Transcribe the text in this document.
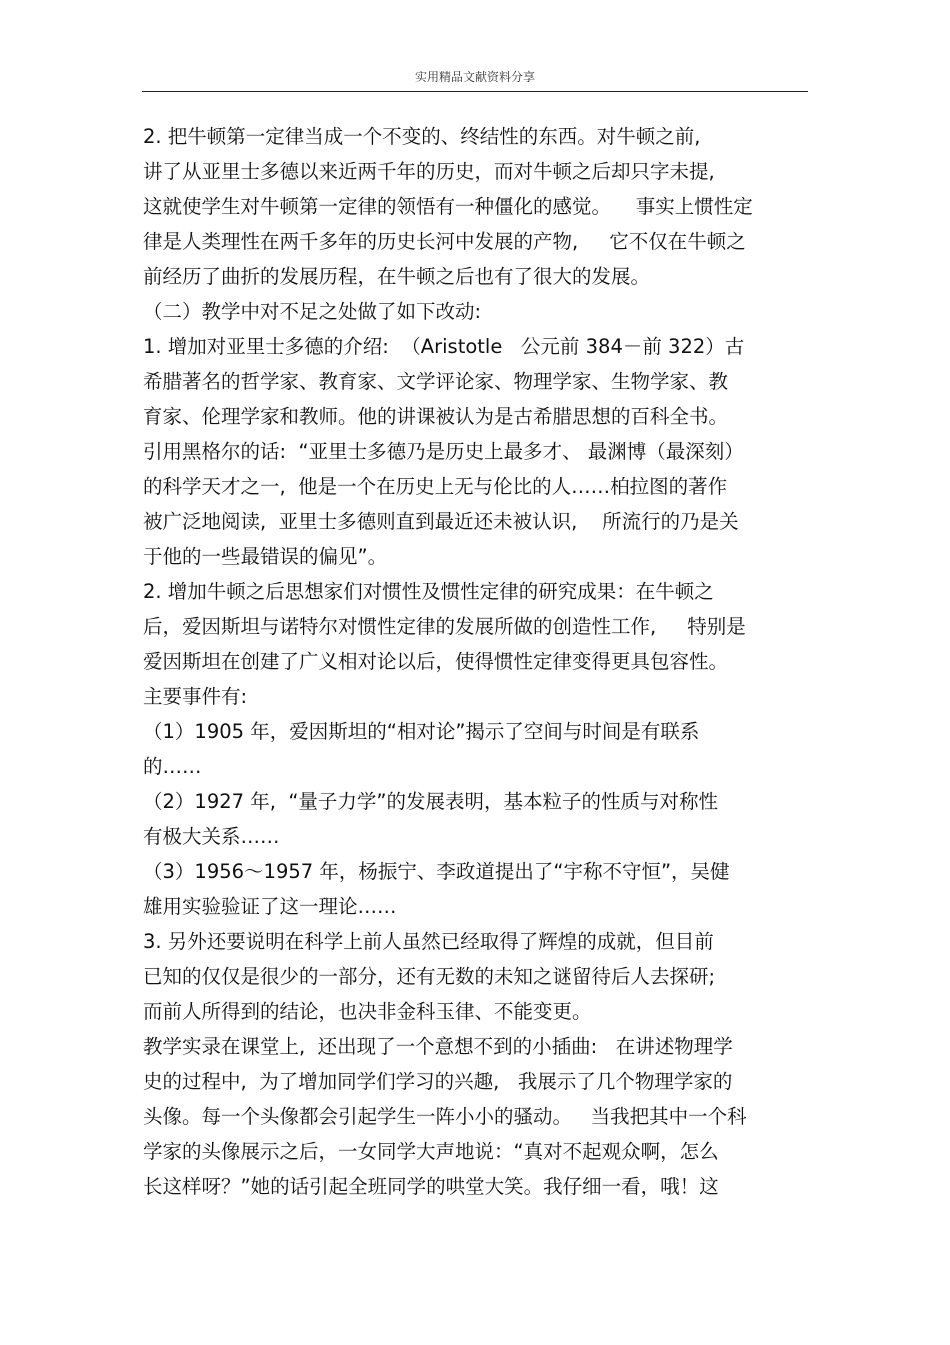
实用精品文献资料分享
2. 把牛顿第一定律当成一个不变的、终结性的东西。对牛顿之前,
讲了从亚里士多德以来近两千年的历史，而对牛顿之后却只字未提,
这就使学生对牛顿第一定律的领悟有一种僵化的感觉。    事实上惯性定
律是人类理性在两千多年的历史长河中发展的产物,     它不仅在牛顿之
前经历了曲折的发展历程，在牛顿之后也有了很大的发展。
（二）教学中对不足之处做了如下改动:
1. 增加对亚里士多德的介绍:  （Aristotle   公元前 384－前 322）古
希腊著名的哲学家、教育家、文学评论家、物理学家、生物学家、教
育家、伦理学家和教师。他的讲课被认为是古希腊思想的百科全书。
引用黑格尔的话:  “亚里士多德乃是历史上最多才、 最渊博（最深刻）
的科学天才之一,  他是一个在历史上无与伦比的人……柏拉图的著作
被广泛地阅读,  亚里士多德则直到最近还未被认识,    所流行的乃是关
于他的一些最错误的偏见”。
2. 增加牛顿之后思想家们对惯性及惯性定律的研究成果：在牛顿之
后，爱因斯坦与诺特尔对惯性定律的发展所做的创造性工作,     特别是
爱因斯坦在创建了广义相对论以后，使得惯性定律变得更具包容性。
主要事件有:
（1）1905 年，爱因斯坦的“相对论”揭示了空间与时间是有联系
的……
（2）1927 年,  “量子力学”的发展表明，基本粒子的性质与对称性
有极大关系……
（3）1956～1957 年，杨振宁、李政道提出了“宇称不守恒”，吴健
雄用实验验证了这一理论……
3. 另外还要说明在科学上前人虽然已经取得了辉煌的成就，但目前
已知的仅仅是很少的一部分，还有无数的未知之谜留待后人去探研;
而前人所得到的结论，也决非金科玉律、不能变更。
教学实录在课堂上,  还出现了一个意想不到的小插曲:   在讲述物理学
史的过程中,  为了增加同学们学习的兴趣,   我展示了几个物理学家的
头像。每一个头像都会引起学生一阵小小的骚动。   当我把其中一个科
学家的头像展示之后，一女同学大声地说：“真对不起观众啊，怎么
长这样呀？”她的话引起全班同学的哄堂大笑。我仔细一看，哦！这
